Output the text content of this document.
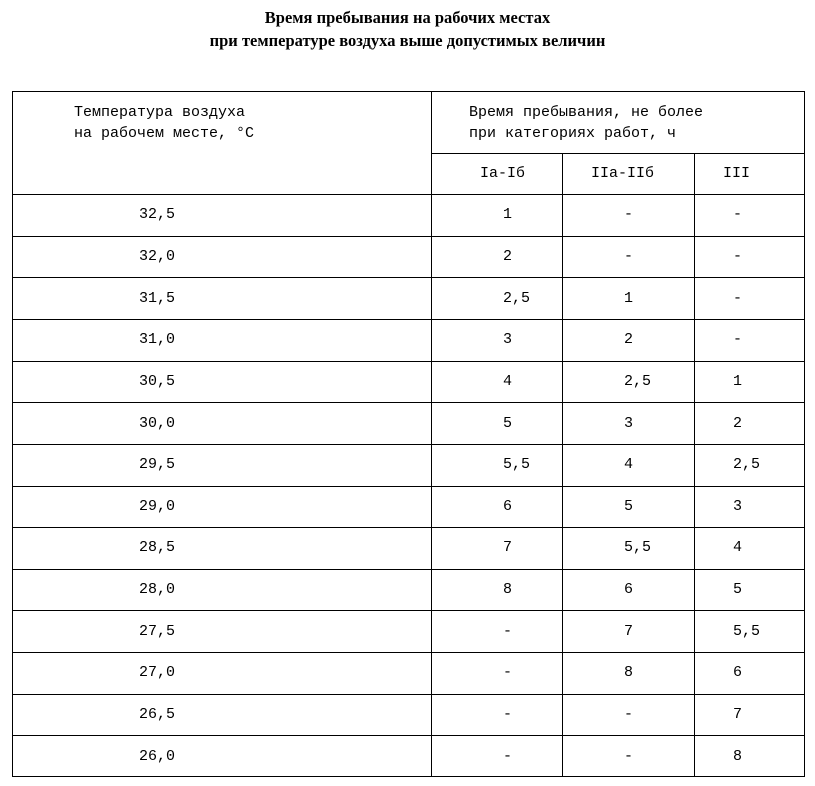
Время пребывания на рабочих местах
при температуре воздуха выше допустимых величин
Температура воздуха
на рабочем месте, °С
Время пребывания, не более
при категориях работ, ч
Iа-Iб	IIа-IIб	III
32,5	1	-	-
32,0	2	-	-
31,5	2,5	1	-
31,0	3	2	-
30,5	4	2,5	1
30,0	5	3	2
29,5	5,5	4	2,5
29,0	6	5	3
28,5	7	5,5	4
28,0	8	6	5
27,5	-	7	5,5
27,0	-	8	6
26,5	-	-	7
26,0	-	-	8
